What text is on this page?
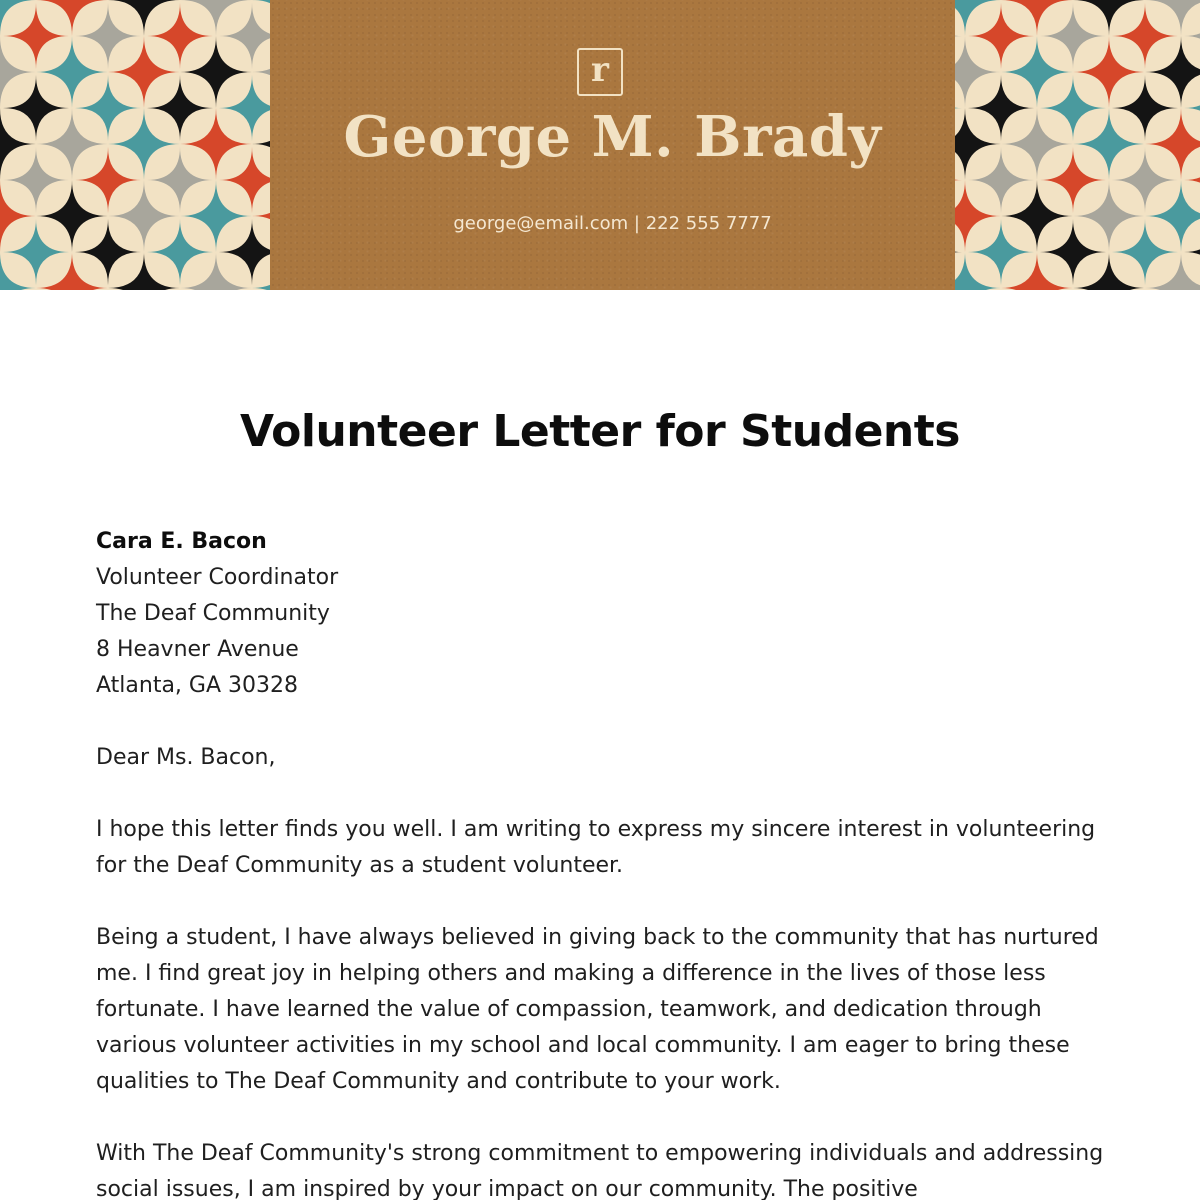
r
George M. Brady
george@email.com | 222 555 7777
Volunteer Letter for Students
Cara E. Bacon
Volunteer Coordinator
The Deaf Community
8 Heavner Avenue
Atlanta, GA 30328
Dear Ms. Bacon,

I hope this letter finds you well. I am writing to express my sincere interest in volunteering for the Deaf Community as a student volunteer.

Being a student, I have always believed in giving back to the community that has nurtured me. I find great joy in helping others and making a difference in the lives of those less fortunate. I have learned the value of compassion, teamwork, and dedication through various volunteer activities in my school and local community. I am eager to bring these qualities to The Deaf Community and contribute to your work.

With The Deaf Community's strong commitment to empowering individuals and addressing social issues, I am inspired by your impact on our community. The positive
